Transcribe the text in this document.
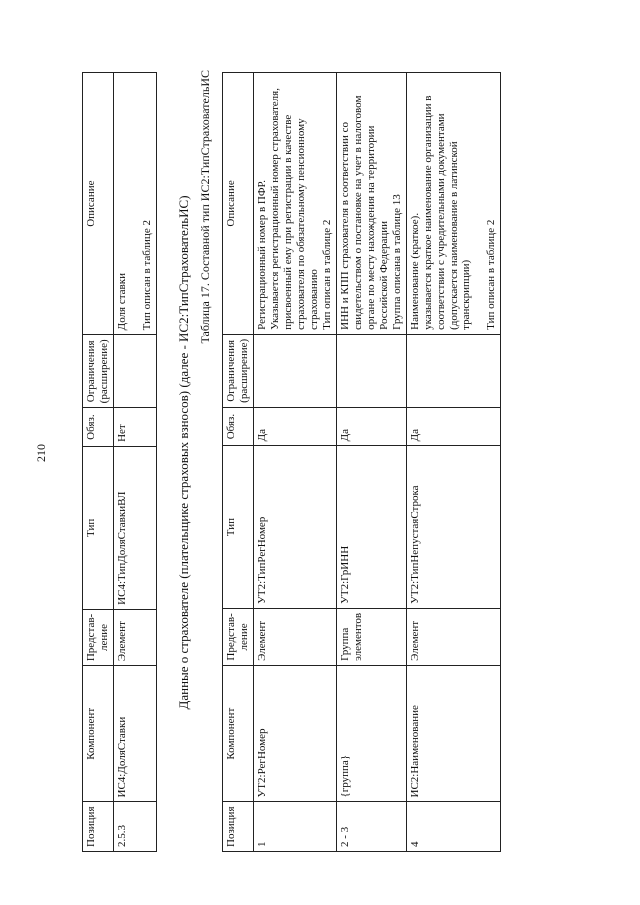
210
Позиция	Компонент	Представ-ление	Тип	Обяз.	Ограничения (расширение)	Описание
2.5.3	ИС4:ДоляСтавки	Элемент	ИС4:ТипДоляСтавкиВЛ	Нет		Доля ставки Тип описан в таблице 2 Данные о страхователе (плательщике страховых взносов) (далее - ИС2:ТипСтраховательИС) Таблица 17. Составной тип ИС2:ТипСтраховательИС
Позиция	Компонент	Представ-ление	Тип	Обяз.	Ограничения (расширение)	Описание
1	УТ2:РегНомер	Элемент	УТ2:ТипРегНомер	Да		Регистрационный номер в ПФР. Указывается регистрационный номер страхователя, присвоенный ему при регистрации в качестве страхователя по обязательному пенсионному страхованию Тип описан в таблице 2

2 - 3	{группа}	Группа элементов	УТ2:ГрИНН	Да		ИНН и КПП страхователя в соответствии со свидетельством о постановке на учет в налоговом органе по месту нахождения на территории Российской Федерации Группа описана в таблице 13

4	ИС2:Наименование	Элемент	УТ2:ТипНепустаяСтрока	Да		Наименование (краткое). указывается краткое наименование организации в соответствии с учредительными документами (допускается наименование в латинской транскрипции) Тип описан в таблице 2
